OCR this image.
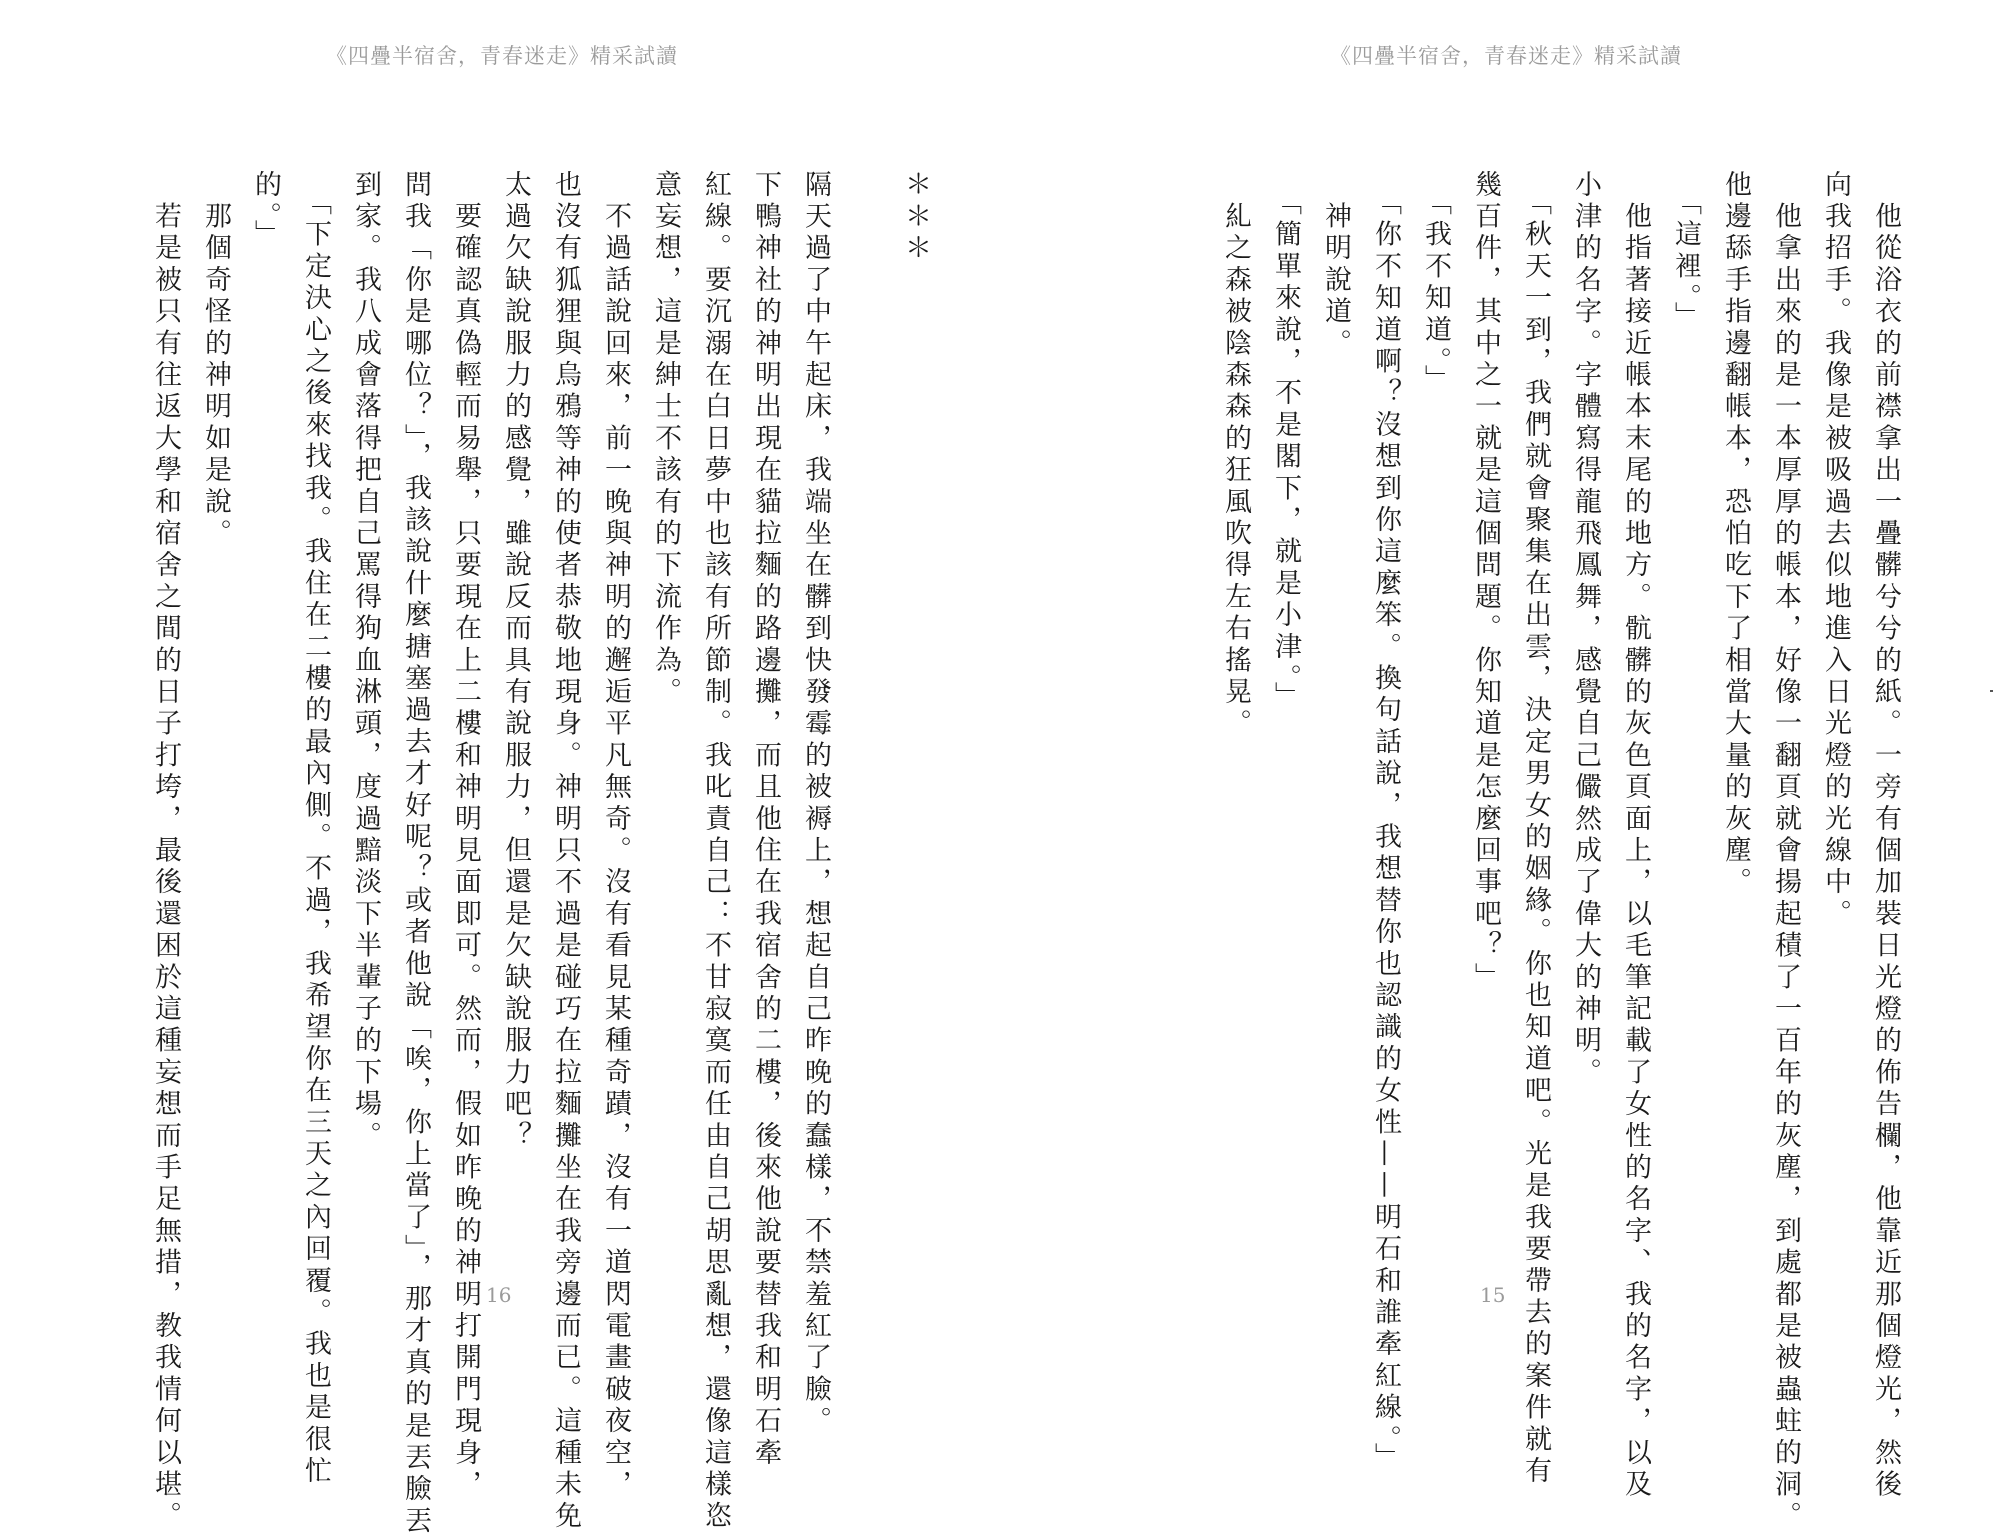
《四疊半宿舍，青春迷走》精采試讀
＊＊＊
隔天過了中午起床，我端坐在髒到快發霉的被褥上，想起自己昨晚的蠢樣，不禁羞紅了臉。
下鴨神社的神明出現在貓拉麵的路邊攤，而且他住在我宿舍的二樓，後來他說要替我和明石牽
紅線。要沉溺在白日夢中也該有所節制。我叱責自己：不甘寂寞而任由自己胡思亂想，還像這樣恣
意妄想，這是紳士不該有的下流作為。
　不過話說回來，前一晚與神明的邂逅平凡無奇。沒有看見某種奇蹟，沒有一道閃電畫破夜空，
也沒有狐狸與烏鴉等神的使者恭敬地現身。神明只不過是碰巧在拉麵攤坐在我旁邊而已。這種未免
太過欠缺說服力的感覺，雖說反而具有說服力，但還是欠缺說服力吧？
　要確認真偽輕而易舉，只要現在上二樓和神明見面即可。然而，假如昨晚的神明打開門現身，
問我「你是哪位？」，我該說什麼搪塞過去才好呢？或者他說「唉，你上當了」，那才真的是丟臉丟
到家。我八成會落得把自己罵得狗血淋頭，度過黯淡下半輩子的下場。
　「下定決心之後來找我。我住在二樓的最內側。不過，我希望你在三天之內回覆。我也是很忙
的。」
　那個奇怪的神明如是說。
　若是被只有往返大學和宿舍之間的日子打垮，最後還困於這種妄想而手足無措，教我情何以堪。	16
《四疊半宿舍，青春迷走》精采試讀
　他從浴衣的前襟拿出一疊髒兮兮的紙。一旁有個加裝日光燈的佈告欄，他靠近那個燈光，然後
向我招手。我像是被吸過去似地進入日光燈的光線中。
　他拿出來的是一本厚厚的帳本，好像一翻頁就會揚起積了一百年的灰塵，到處都是被蟲蛀的洞。
他邊舔手指邊翻帳本，恐怕吃下了相當大量的灰塵。
　「這裡。」
　他指著接近帳本末尾的地方。骯髒的灰色頁面上，以毛筆記載了女性的名字、我的名字，以及
小津的名字。字體寫得龍飛鳳舞，感覺自己儼然成了偉大的神明。
　「秋天一到，我們就會聚集在出雲，決定男女的姻緣。你也知道吧。光是我要帶去的案件就有
幾百件，其中之一就是這個問題。你知道是怎麼回事吧？」
　「我不知道。」
　「你不知道啊？沒想到你這麼笨。換句話說，我想替你也認識的女性——明石和誰牽紅線。」
　神明說道。
　「簡單來說，不是閣下，就是小津。」
　糺之森被陰森森的狂風吹得左右搖晃。
15
